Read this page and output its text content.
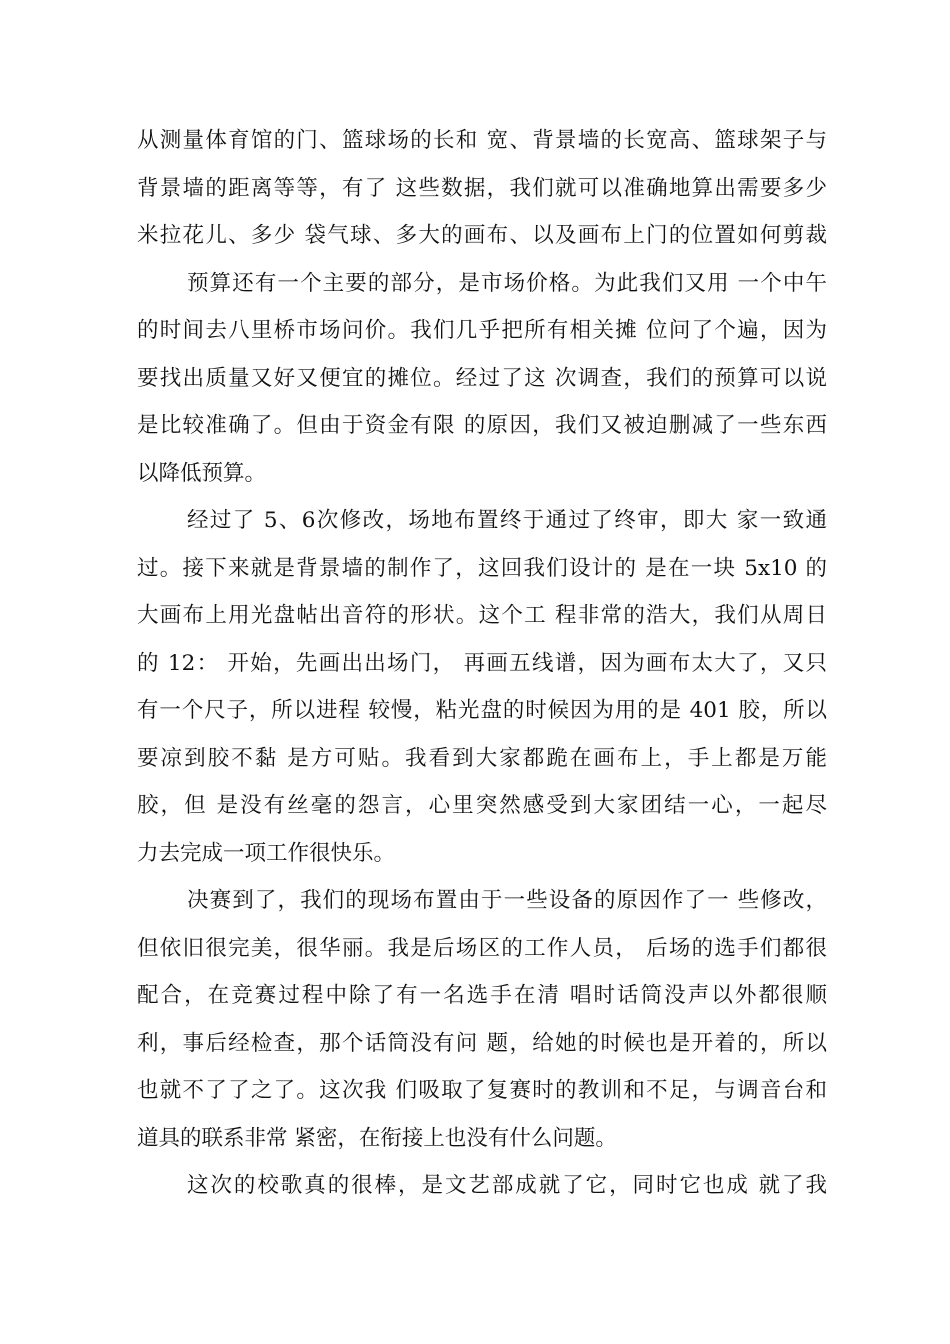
从测量体育馆的门、篮球场的长和 宽、背景墙的长宽高、篮球架子与
背景墙的距离等等，有了 这些数据，我们就可以准确地算出需要多少
米拉花儿、多少 袋气球、多大的画布、以及画布上门的位置如何剪裁
预算还有一个主要的部分，是市场价格。为此我们又用 一个中午
的时间去八里桥市场问价。我们几乎把所有相关摊 位问了个遍，因为
要找出质量又好又便宜的摊位。经过了这 次调查，我们的预算可以说
是比较准确了。但由于资金有限 的原因，我们又被迫删减了一些东西
以降低预算。
经过了 5、6次修改，场地布置终于通过了终审，即大 家一致通
过。接下来就是背景墙的制作了，这回我们设计的 是在一块 5x10 的
大画布上用光盘帖出音符的形状。这个工 程非常的浩大，我们从周日
的 12： 开始，先画出出场门， 再画五线谱，因为画布太大了，又只
有一个尺子，所以进程 较慢，粘光盘的时候因为用的是 401 胶，所以
要凉到胶不黏 是方可贴。我看到大家都跪在画布上，手上都是万能
胶，但 是没有丝毫的怨言，心里突然感受到大家团结一心，一起尽
力去完成一项工作很快乐。
决赛到了，我们的现场布置由于一些设备的原因作了一 些修改，
但依旧很完美，很华丽。我是后场区的工作人员， 后场的选手们都很
配合，在竞赛过程中除了有一名选手在清 唱时话筒没声以外都很顺
利，事后经检查，那个话筒没有问 题，给她的时候也是开着的，所以
也就不了了之了。这次我 们吸取了复赛时的教训和不足，与调音台和
道具的联系非常 紧密，在衔接上也没有什么问题。
这次的校歌真的很棒，是文艺部成就了它，同时它也成 就了我
